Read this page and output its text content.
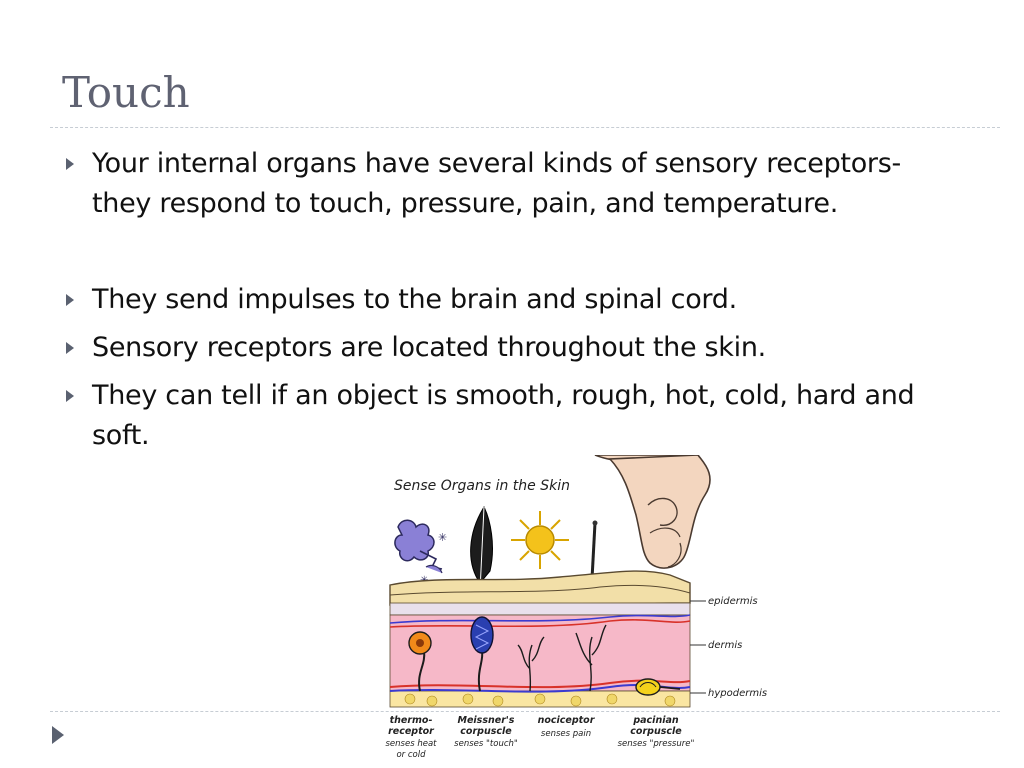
Touch
Your internal organs have several kinds of sensory receptors- they respond to touch, pressure, pain, and temperature.
They send impulses to the brain and spinal cord.
Sensory receptors are located throughout the skin.
They can tell if an object is smooth, rough, hot, cold, hard and soft.
Sense Organs in the Skin
✳
epidermis
dermis
hypodermis
thermo-
receptor
senses heat
or cold
Meissner's
corpuscle
senses "touch"
nociceptor
senses pain
pacinian
corpuscle
senses "pressure"
